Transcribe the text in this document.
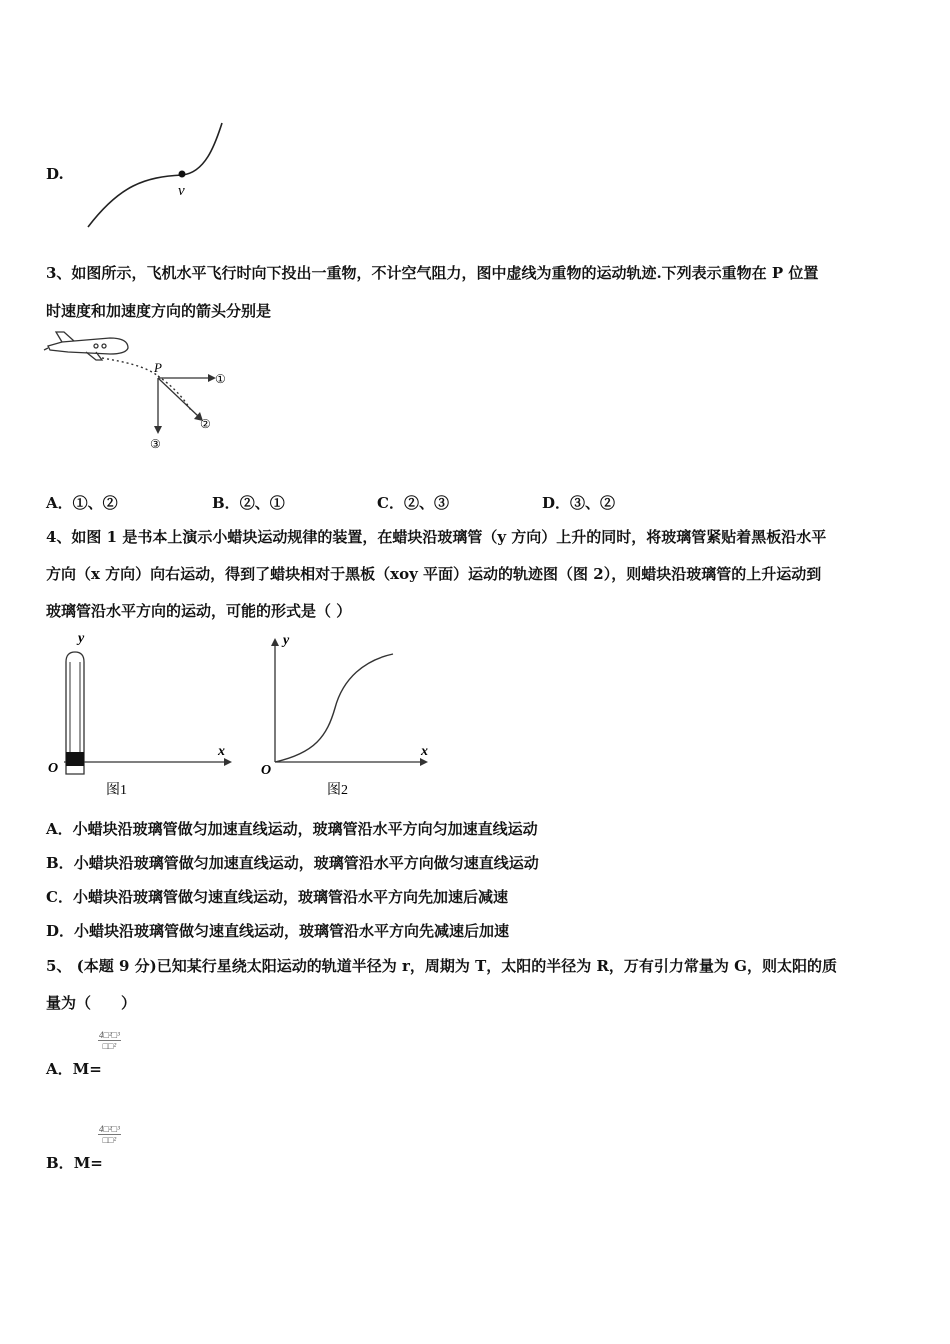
D.
v
3、如图所示，飞机水平飞行时向下投出一重物，不计空气阻力，图中虚线为重物的运动轨迹.下列表示重物在 P 位置
时速度和加速度方向的箭头分别是
P
①
②
③
A．①、②	B．②、①	C．②、③	D．③、②
4、如图 1 是书本上演示小蜡块运动规律的装置，在蜡块沿玻璃管（y 方向）上升的同时，将玻璃管紧贴着黑板沿水平
方向（x 方向）向右运动，得到了蜡块相对于黑板（xoy 平面）运动的轨迹图（图 2），则蜡块沿玻璃管的上升运动到
玻璃管沿水平方向的运动，可能的形式是（ ）
x
O
y
图1
x
y
O
图2
A．小蜡块沿玻璃管做匀加速直线运动，玻璃管沿水平方向匀加速直线运动
B．小蜡块沿玻璃管做匀加速直线运动，玻璃管沿水平方向做匀速直线运动
C．小蜡块沿玻璃管做匀速直线运动，玻璃管沿水平方向先加速后减速
D．小蜡块沿玻璃管做匀速直线运动，玻璃管沿水平方向先减速后加速
5、 (本题 9 分)已知某行星绕太阳运动的轨道半径为 r，周期为 T，太阳的半径为 R，万有引力常量为 G，则太阳的质
量为（　　）
A．M=
4□²□³
□□²
B．M=
4□²□³
□□²
